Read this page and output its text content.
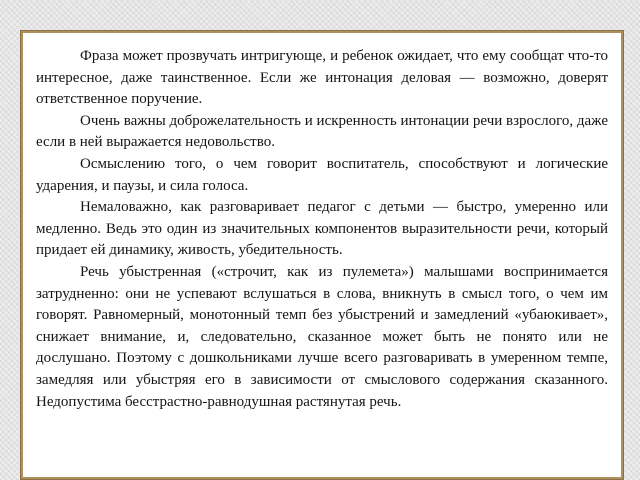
Фраза может прозвучать интригующе, и ребенок ожидает, что ему сообщат что-то интересное, даже таинственное. Если же интонация деловая — возможно, доверят ответственное поручение.

Очень важны доброжелательность и искренность интонации речи взрослого, даже если в ней выражается недовольство.

Осмыслению того, о чем говорит воспитатель, способствуют и логические ударения, и паузы, и сила голоса.

Немаловажно, как разговаривает педагог с детьми — быстро, умеренно или медленно. Ведь это один из значительных компонентов выразительности речи, который придает ей динамику, живость, убедительность.

Речь убыстренная («строчит, как из пулемета») малышами воспринимается затрудненно: они не успевают вслушаться в слова, вникнуть в смысл того, о чем им говорят. Равномерный, монотонный темп без убыстрений и замедлений «убаюкивает», снижает внимание, и, следовательно, сказанное может быть не понято или не дослушано. Поэтому с дошкольниками лучше всего разговаривать в умеренном темпе, замедляя или убыстряя его в зависимости от смыслового содержания сказанного. Недопустима бесстрастно-равнодушная растянутая речь.
